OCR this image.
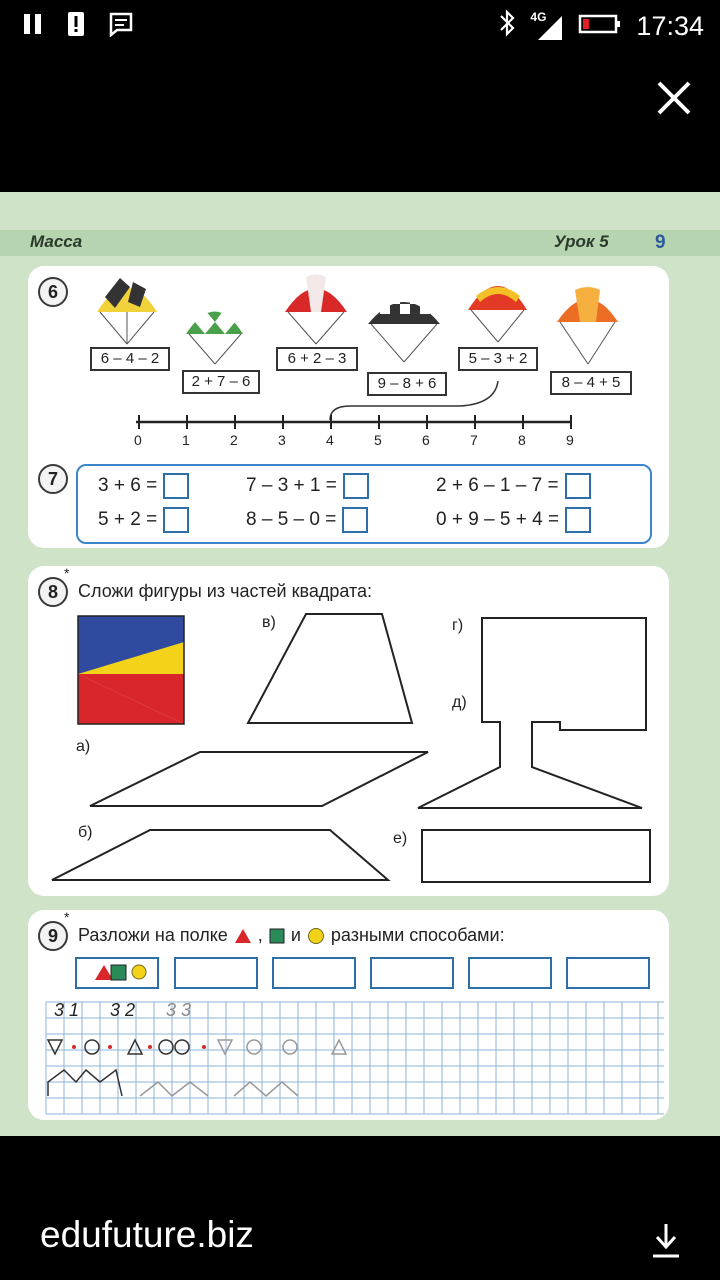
4G	17:34
Масса	Урок 5 9
6
6 – 4 – 2
2 + 7 – 6
6 + 2 – 3
9 – 8 + 6
5 – 3 + 2
8 – 4 + 5
0	1	2	3	4	5	6	7	8	9
7	3 + 6 =	7 – 3 + 1 =	2 + 6 – 1 – 7 =
5 + 2 =	8 – 5 – 0 =	0 + 9 – 5 + 4 =
8
*
Сложи фигуры из частей квадрата:
а)
б)
в)	г)
д)
е)
9
*
Разложи на полке , и разными способами:
3 1 3 2 3 3
edufuture.biz
